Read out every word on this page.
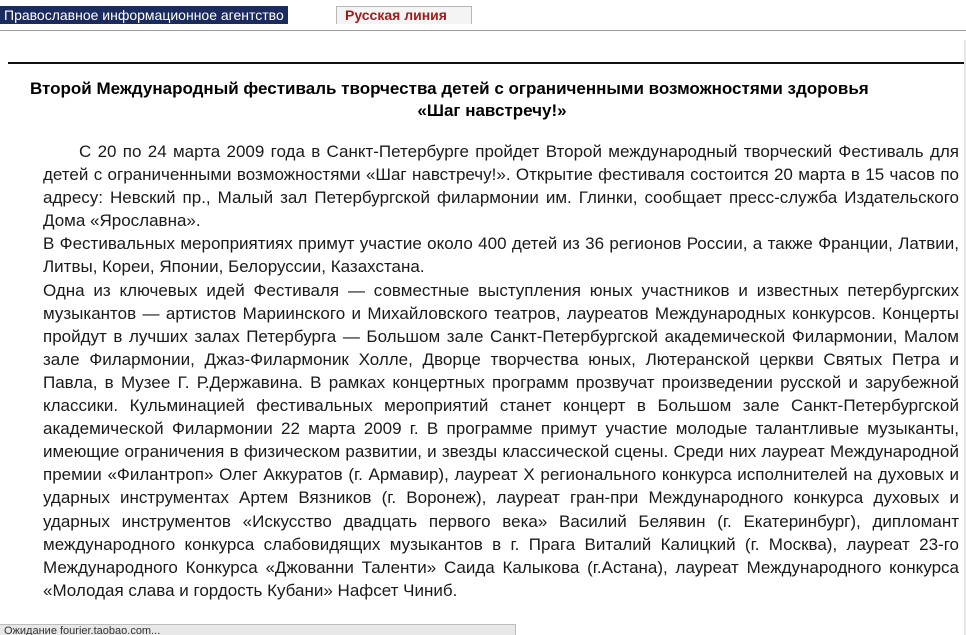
Православное информационное агентство	Русская линия
Второй Международный фестиваль творчества детей с ограниченными возможностями здоровья
«Шаг навстречу!»

С 20 по 24 марта 2009 года в Санкт-Петербурге пройдет Второй международный творческий Фестиваль для детей с ограниченными возможностями «Шаг навстречу!». Открытие фестиваля состоится 20 марта в 15 часов по адресу: Невский пр., Малый зал Петербургской филармонии им. Глинки, сообщает пресс-служба Издательского Дома «Ярославна».

В Фестивальных мероприятиях примут участие около 400 детей из 36 регионов России, а также Франции, Латвии, Литвы, Кореи, Японии, Белоруссии, Казахстана.

Одна из ключевых идей Фестиваля — совместные выступления юных участников и известных петербургских музыкантов — артистов Мариинского и Михайловского театров, лауреатов Международных конкурсов. Концерты пройдут в лучших залах Петербурга — Большом зале Санкт-Петербургской академической Филармонии, Малом зале Филармонии, Джаз-Филармоник Холле, Дворце творчества юных, Лютеранской церкви Святых Петра и Павла, в Музее Г. Р.Державина. В рамках концертных программ прозвучат произведении русской и зарубежной классики. Кульминацией фестивальных мероприятий станет концерт в Большом зале Санкт-Петербургской академической Филармонии 22 марта 2009 г. В программе примут участие молодые талантливые музыканты, имеющие ограничения в физическом развитии, и звезды классической сцены. Среди них лауреат Международной премии «Филантроп» Олег Аккуратов (г. Армавир), лауреат Х регионального конкурса исполнителей на духовых и ударных инструментах Артем Вязников (г. Воронеж), лауреат гран-при Международного конкурса духовых и ударных инструментов «Искусство двадцать первого века» Василий Белявин (г. Екатеринбург), дипломант международного конкурса слабовидящих музыкантов в г. Прага Виталий Калицкий (г. Москва), лауреат 23-го Международного Конкурса «Джованни Таленти» Саида Калыкова (г.Астана), лауреат Международного конкурса «Молодая слава и гордость Кубани» Нафсет Чиниб.

Ожидание fourier.taobao.com...
